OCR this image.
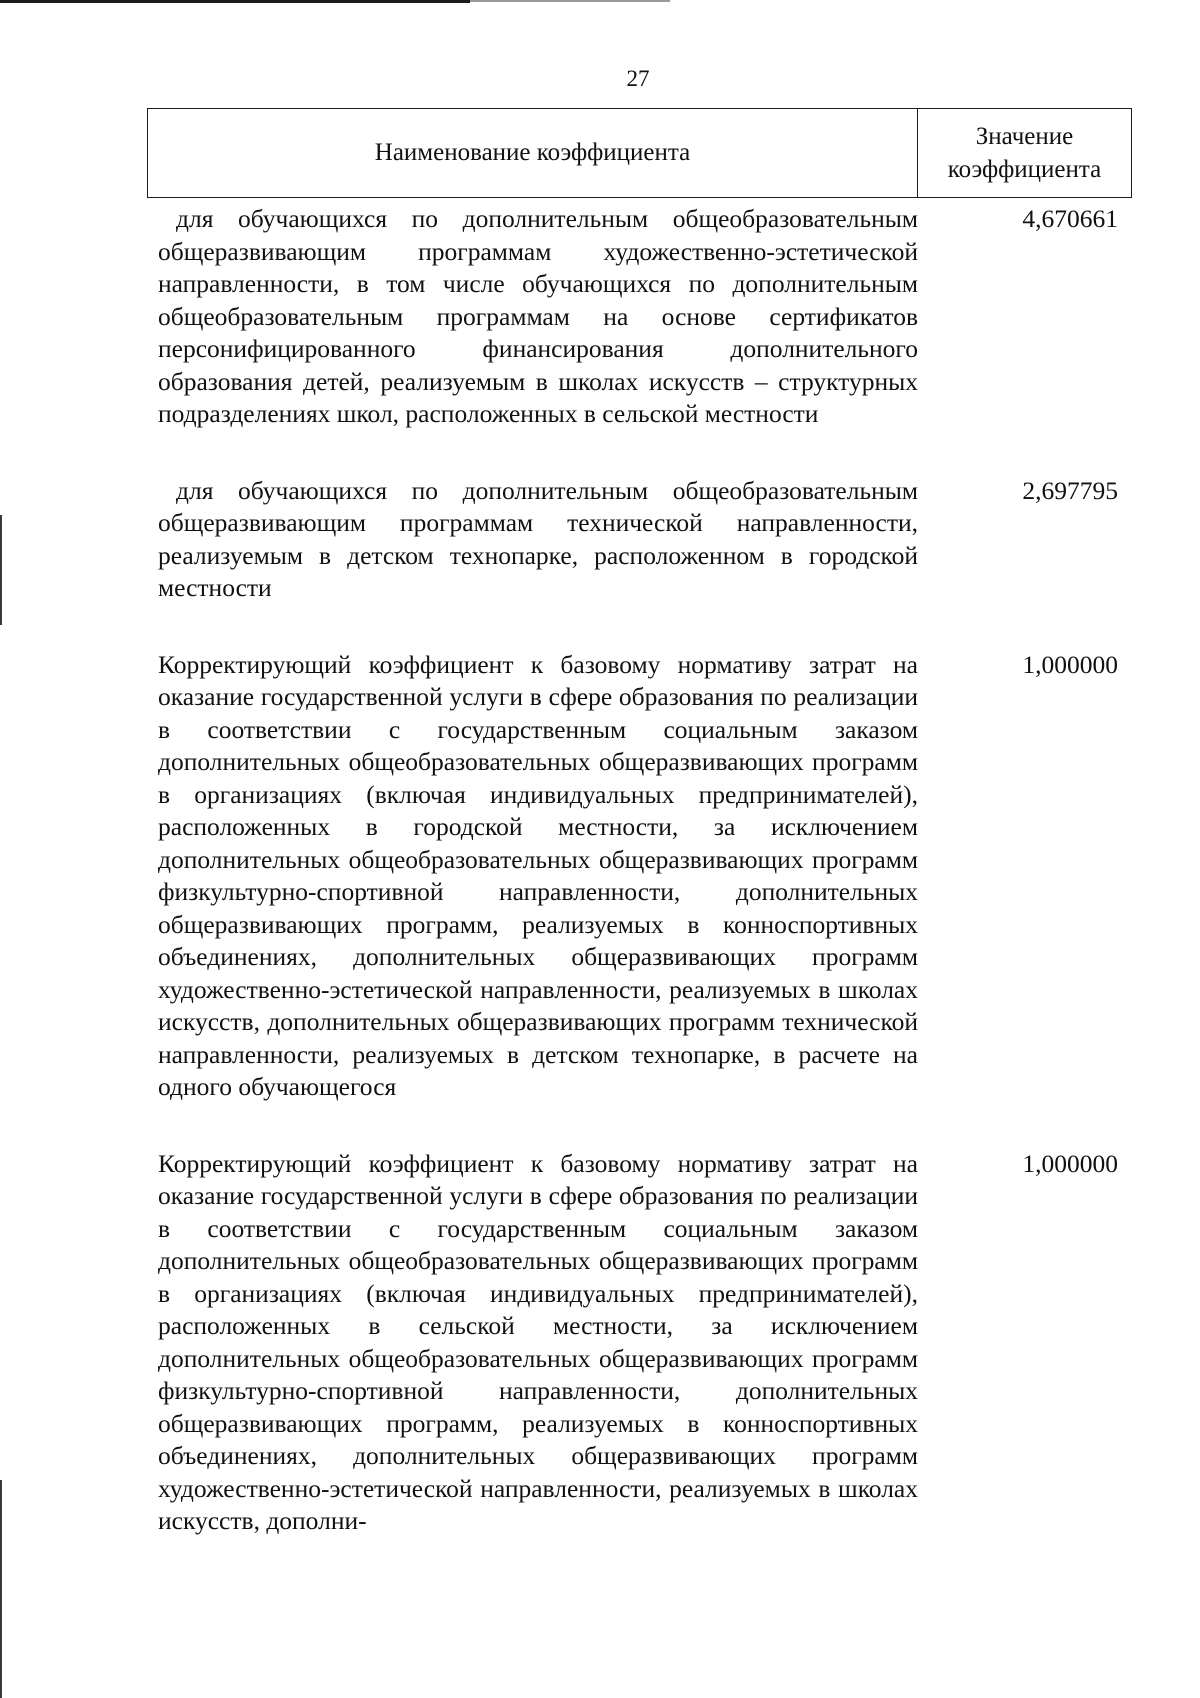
27
Наименование коэффициента
Значение
коэффициента
для обучающихся по дополнительным общеобразовательным общеразвивающим программам художественно-эстетической направленности, в том числе обучающихся по дополнительным общеобразовательным программам на основе сертификатов персонифицированного финансирования дополнительного образования детей, реализуемым в школах искусств – структурных подразделениях школ, расположенных в сельской местности
4,670661
для обучающихся по дополнительным общеобразовательным общеразвивающим программам технической направленности, реализуемым в детском технопарке, расположенном в городской местности
2,697795
Корректирующий коэффициент к базовому нормативу затрат на оказание государственной услуги в сфере образования по реализации в соответствии с государственным социальным заказом дополнительных общеобразовательных общеразвивающих программ в организациях (включая индивидуальных предпринимателей), расположенных в городской местности, за исключением дополнительных общеобразовательных общеразвивающих программ физкультурно-спортивной направленности, дополнительных общеразвивающих программ, реализуемых в конноспортивных объединениях, дополнительных общеразвивающих программ художественно-эстетической направленности, реализуемых в школах искусств, дополнительных общеразвивающих программ технической направленности, реализуемых в детском технопарке, в расчете на одного обучающегося
1,000000
Корректирующий коэффициент к базовому нормативу затрат на оказание государственной услуги в сфере образования по реализации в соответствии с государственным социальным заказом дополнительных общеобразовательных общеразвивающих программ в организациях (включая индивидуальных предпринимателей), расположенных в сельской местности, за исключением дополнительных общеобразовательных общеразвивающих программ физкультурно-спортивной направленности, дополнительных общеразвивающих программ, реализуемых в конноспортивных объединениях, дополнительных общеразвивающих программ художественно-эстетической направленности, реализуемых в школах искусств, дополни-
1,000000
